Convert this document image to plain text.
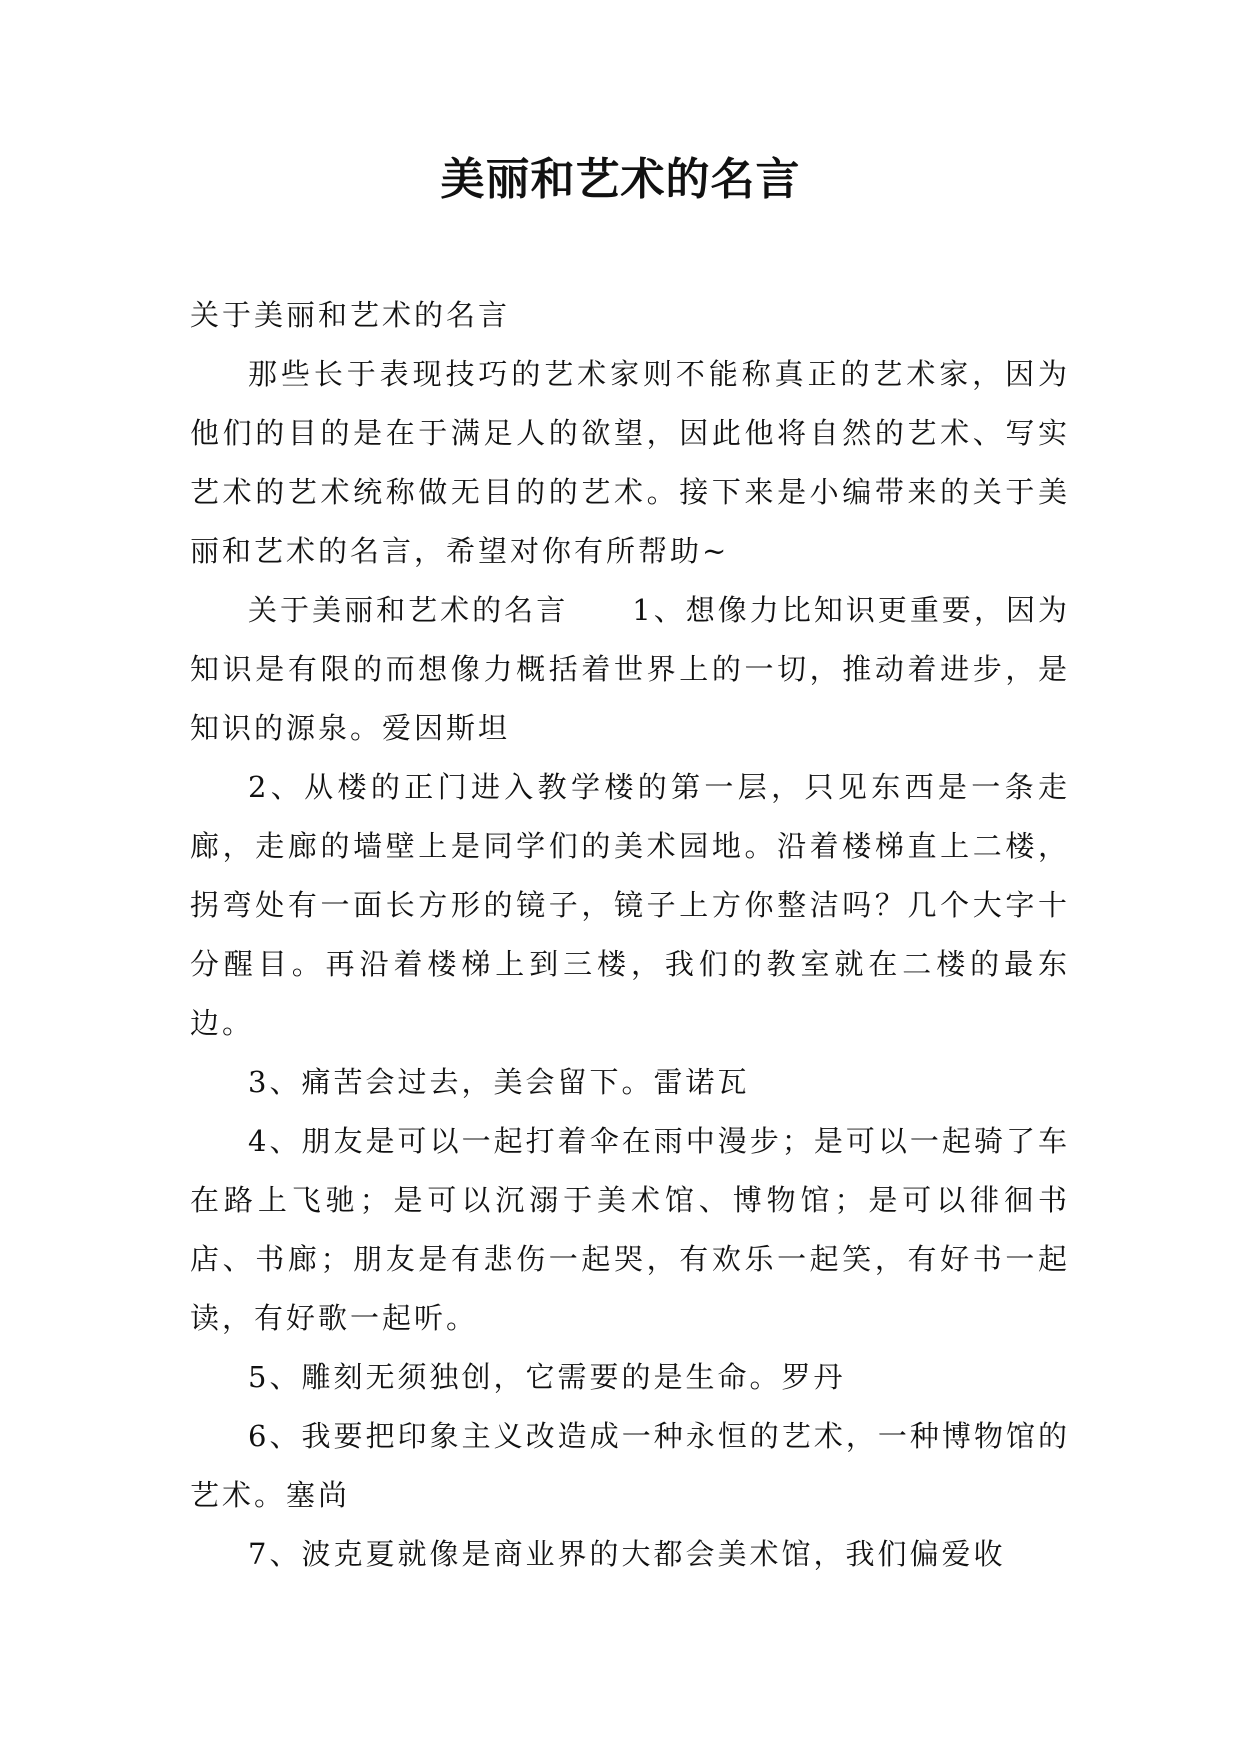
美丽和艺术的名言

关于美丽和艺术的名言

那些长于表现技巧的艺术家则不能称真正的艺术家，因为他们的目的是在于满足人的欲望，因此他将自然的艺术、写实艺术的艺术统称做无目的的艺术。接下来是小编带来的关于美丽和艺术的名言，希望对你有所帮助~

关于美丽和艺术的名言　　1、想像力比知识更重要，因为知识是有限的而想像力概括着世界上的一切，推动着进步，是知识的源泉。爱因斯坦

2、从楼的正门进入教学楼的第一层，只见东西是一条走廊，走廊的墙壁上是同学们的美术园地。沿着楼梯直上二楼，拐弯处有一面长方形的镜子，镜子上方你整洁吗？几个大字十分醒目。再沿着楼梯上到三楼，我们的教室就在二楼的最东边。

3、痛苦会过去，美会留下。雷诺瓦

4、朋友是可以一起打着伞在雨中漫步；是可以一起骑了车在路上飞驰；是可以沉溺于美术馆、博物馆；是可以徘徊书店、书廊；朋友是有悲伤一起哭，有欢乐一起笑，有好书一起读，有好歌一起听。

5、雕刻无须独创，它需要的是生命。罗丹

6、我要把印象主义改造成一种永恒的艺术，一种博物馆的艺术。塞尚

7、波克夏就像是商业界的大都会美术馆，我们偏爱收
